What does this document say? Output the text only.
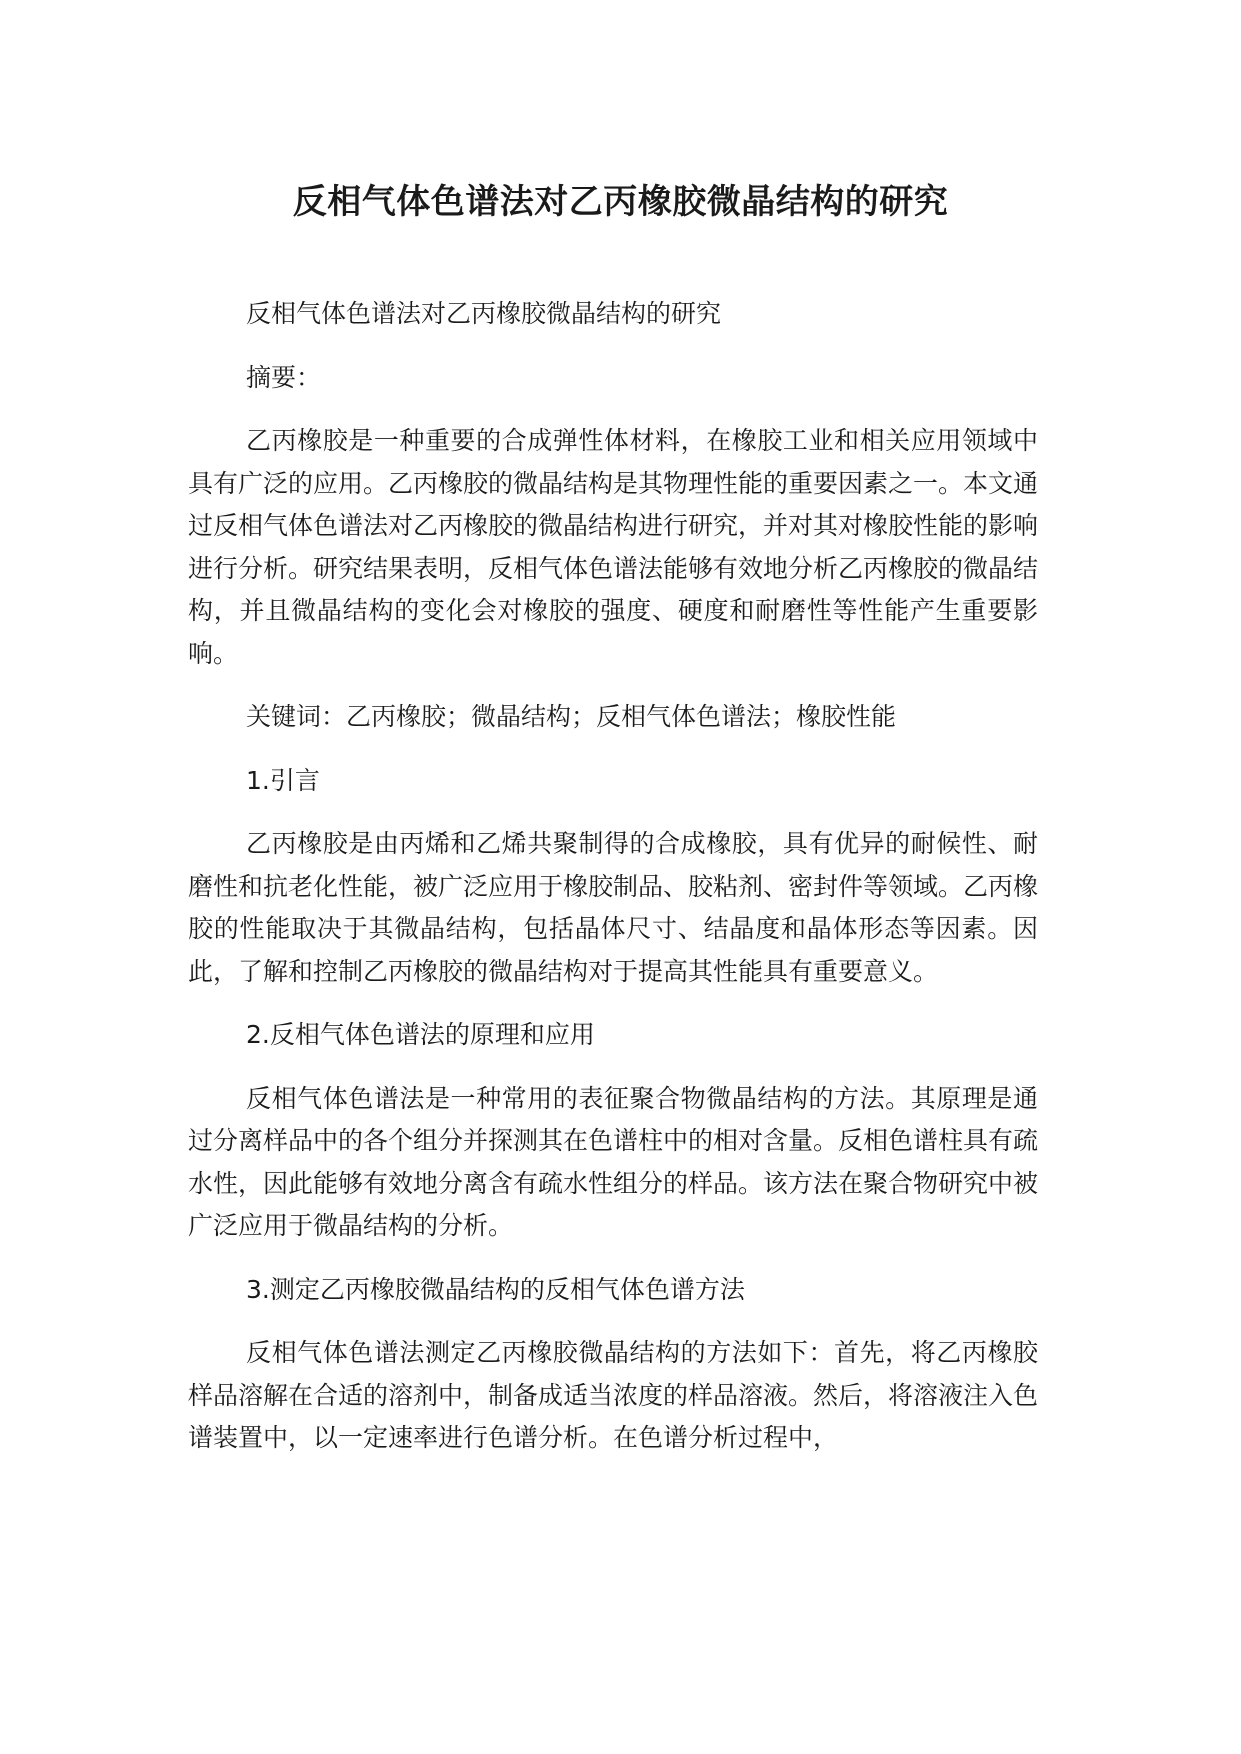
反相气体色谱法对乙丙橡胶微晶结构的研究

反相气体色谱法对乙丙橡胶微晶结构的研究

摘要：

乙丙橡胶是一种重要的合成弹性体材料，在橡胶工业和相关应用领域中具有广泛的应用。乙丙橡胶的微晶结构是其物理性能的重要因素之一。本文通过反相气体色谱法对乙丙橡胶的微晶结构进行研究，并对其对橡胶性能的影响进行分析。研究结果表明，反相气体色谱法能够有效地分析乙丙橡胶的微晶结构，并且微晶结构的变化会对橡胶的强度、硬度和耐磨性等性能产生重要影响。

关键词：乙丙橡胶；微晶结构；反相气体色谱法；橡胶性能

1.引言

乙丙橡胶是由丙烯和乙烯共聚制得的合成橡胶，具有优异的耐候性、耐磨性和抗老化性能，被广泛应用于橡胶制品、胶粘剂、密封件等领域。乙丙橡胶的性能取决于其微晶结构，包括晶体尺寸、结晶度和晶体形态等因素。因此，了解和控制乙丙橡胶的微晶结构对于提高其性能具有重要意义。

2.反相气体色谱法的原理和应用

反相气体色谱法是一种常用的表征聚合物微晶结构的方法。其原理是通过分离样品中的各个组分并探测其在色谱柱中的相对含量。反相色谱柱具有疏水性，因此能够有效地分离含有疏水性组分的样品。该方法在聚合物研究中被广泛应用于微晶结构的分析。

3.测定乙丙橡胶微晶结构的反相气体色谱方法

反相气体色谱法测定乙丙橡胶微晶结构的方法如下：首先，将乙丙橡胶样品溶解在合适的溶剂中，制备成适当浓度的样品溶液。然后，将溶液注入色谱装置中，以一定速率进行色谱分析。在色谱分析过程中，
